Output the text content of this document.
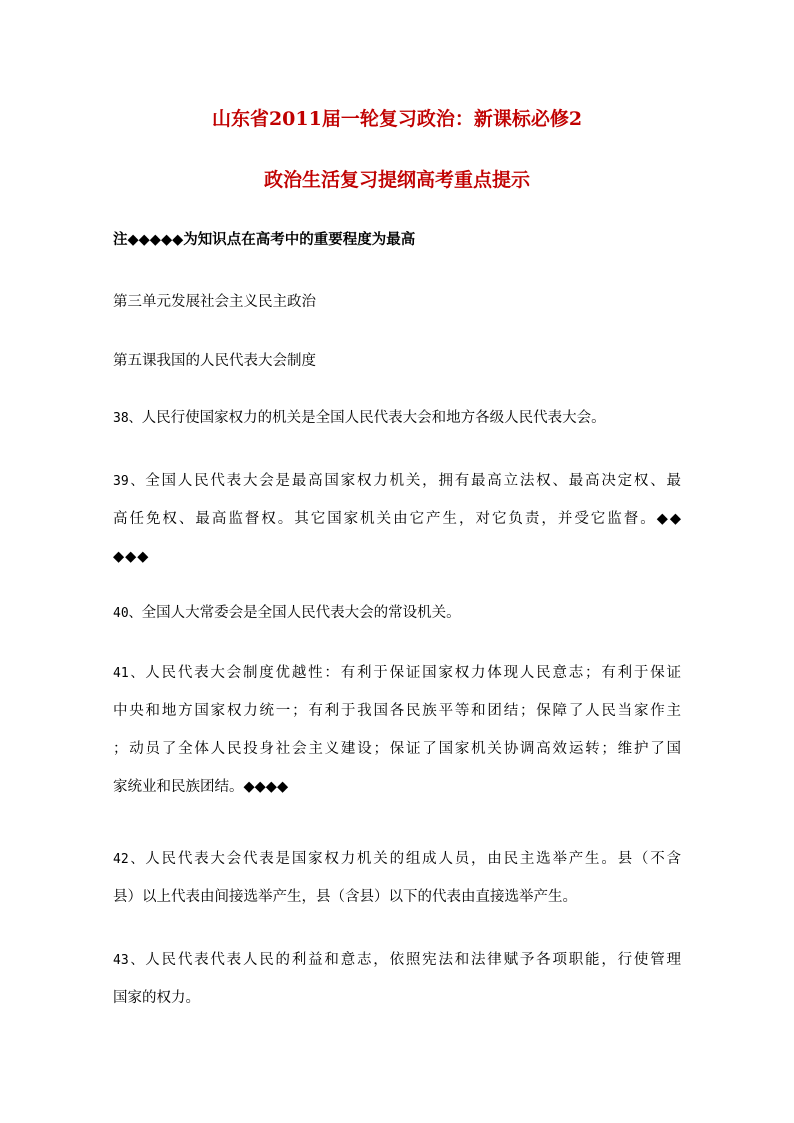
山东省2011届一轮复习政治：新课标必修2
政治生活复习提纲高考重点提示
注◆◆◆◆◆为知识点在高考中的重要程度为最高
第三单元发展社会主义民主政治
第五课我国的人民代表大会制度
38、人民行使国家权力的机关是全国人民代表大会和地方各级人民代表大会。
39、全国人民代表大会是最高国家权力机关，拥有最高立法权、最高决定权、最
高任免权、最高监督权。其它国家机关由它产生，对它负责，并受它监督。◆◆
◆◆◆
40、全国人大常委会是全国人民代表大会的常设机关。
41、人民代表大会制度优越性：有利于保证国家权力体现人民意志；有利于保证
中央和地方国家权力统一；有利于我国各民族平等和团结；保障了人民当家作主
；动员了全体人民投身社会主义建设；保证了国家机关协调高效运转；维护了国
家统业和民族团结。◆◆◆◆
42、人民代表大会代表是国家权力机关的组成人员，由民主选举产生。县（不含
县）以上代表由间接选举产生，县（含县）以下的代表由直接选举产生。
43、人民代表代表人民的利益和意志，依照宪法和法律赋予各项职能，行使管理
国家的权力。
